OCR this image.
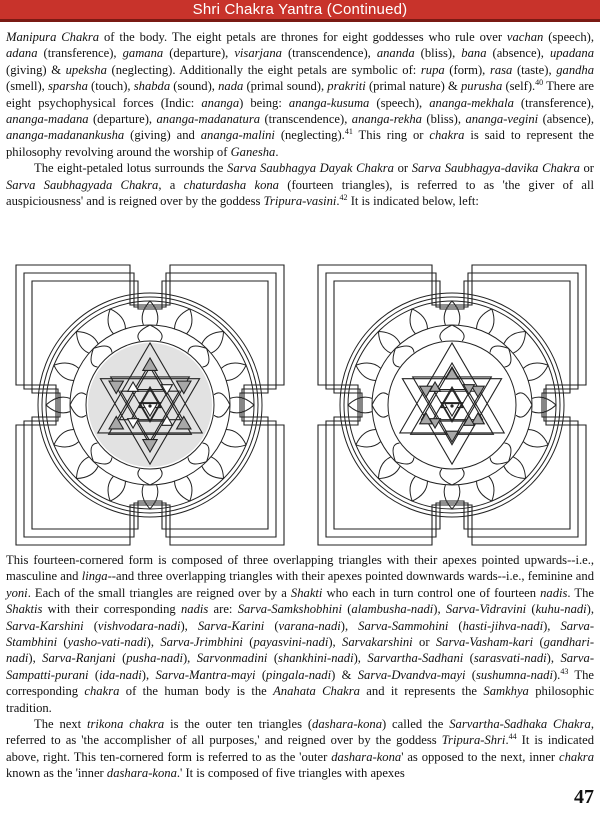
Shri Chakra Yantra (Continued)

Manipura Chakra of the body. The eight petals are thrones for eight goddesses who rule over vachan (speech), adana (transference), gamana (departure), visarjana (transcendence), ananda (bliss), bana (absence), upadana (giving) & upeksha (neglecting). Additionally the eight petals are symbolic of: rupa (form), rasa (taste), gandha (smell), sparsha (touch), shabda (sound), nada (primal sound), prakriti (primal nature) & purusha (self).$^{40}$ There are eight psychophysical forces (Indic: ananga) being: ananga-kusuma (speech), ananga-mekhala (transference), ananga-madana (departure), ananga-madanatura (transcendence), ananga-rekha (bliss), ananga-vegini (absence), ananga-madanankusha (giving) and ananga-malini (neglecting).$^{41}$ This ring or chakra is said to represent the philosophy revolving around the worship of Ganesha.

The eight-petaled lotus surrounds the Sarva Saubhagya Dayak Chakra or Sarva Saubhagya-davika Chakra or Sarva Saubhagyada Chakra, a chaturdasha kona (fourteen triangles), is referred to as 'the giver of all auspiciousness' and is reigned over by the goddess Tripura-vasini.$^{42}$ It is indicated below, left:

This fourteen-cornered form is composed of three overlapping triangles with their apexes pointed upwards--i.e., masculine and linga--and three overlapping triangles with their apexes pointed downwards wards--i.e., feminine and yoni. Each of the small triangles are reigned over by a Shakti who each in turn control one of fourteen nadis. The Shaktis with their corresponding nadis are: Sarva-Samkshobhini (alambusha-nadi), Sarva-Vidravini (kuhu-nadi), Sarva-Karshini (vishvodara-nadi), Sarva-Karini (varana-nadi), Sarva-Sammohini (hasti-jihva-nadi), Sarva-Stambhini (yasho-vati-nadi), Sarva-Jrimbhini (payasvini-nadi), Sarvakarshini or Sarva-Vasham-kari (gandhari-nadi), Sarva-Ranjani (pusha-nadi), Sarvonmadini (shankhini-nadi), Sarvartha-Sadhani (sarasvati-nadi), Sarva-Sampatti-purani (ida-nadi), Sarva-Mantra-mayi (pingala-nadi) & Sarva-Dvandva-mayi (sushumna-nadi).$^{43}$ The corresponding chakra of the human body is the Anahata Chakra and it represents the Samkhya philosophic tradition.

The next trikona chakra is the outer ten triangles (dashara-kona) called the Sarvartha-Sadhaka Chakra, referred to as 'the accomplisher of all purposes,' and reigned over by the goddess Tripura-Shri.$^{44}$ It is indicated above, right. This ten-cornered form is referred to as the 'outer dashara-kona' as opposed to the next, inner chakra known as the 'inner dashara-kona.' It is composed of five triangles with apexes

47
